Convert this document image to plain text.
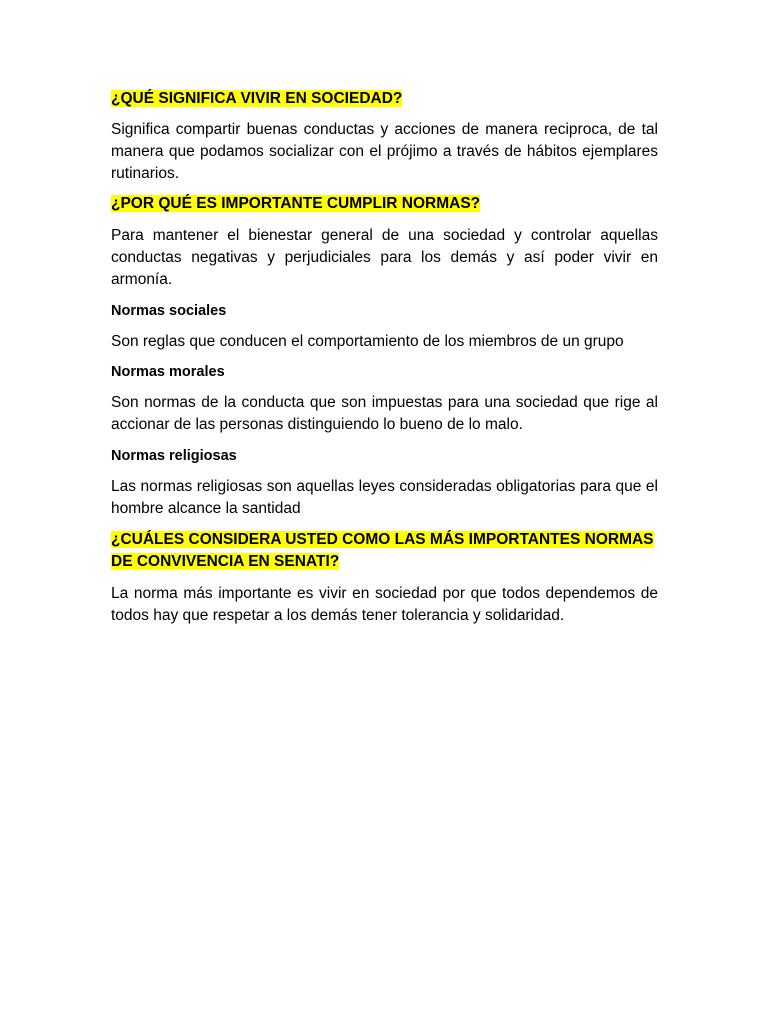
¿QUÉ SIGNIFICA VIVIR EN SOCIEDAD?

Significa compartir buenas conductas y acciones de manera reciproca, de tal manera que podamos socializar con el prójimo a través de hábitos ejemplares rutinarios.

¿POR QUÉ ES IMPORTANTE CUMPLIR NORMAS?

Para mantener el bienestar general de una sociedad y controlar aquellas conductas negativas y perjudiciales para los demás y así poder vivir en armonía.

Normas sociales

Son reglas que conducen el comportamiento de los miembros de un grupo

Normas morales

Son normas de la conducta que son impuestas para una sociedad que rige al accionar de las personas distinguiendo lo bueno de lo malo.

Normas religiosas

Las normas religiosas son aquellas leyes consideradas obligatorias para que el hombre alcance la santidad

¿CUÁLES CONSIDERA USTED COMO LAS MÁS IMPORTANTES NORMAS DE CONVIVENCIA EN SENATI?

La norma más importante es vivir en sociedad por que todos dependemos de todos hay que respetar a los demás tener tolerancia y solidaridad.
